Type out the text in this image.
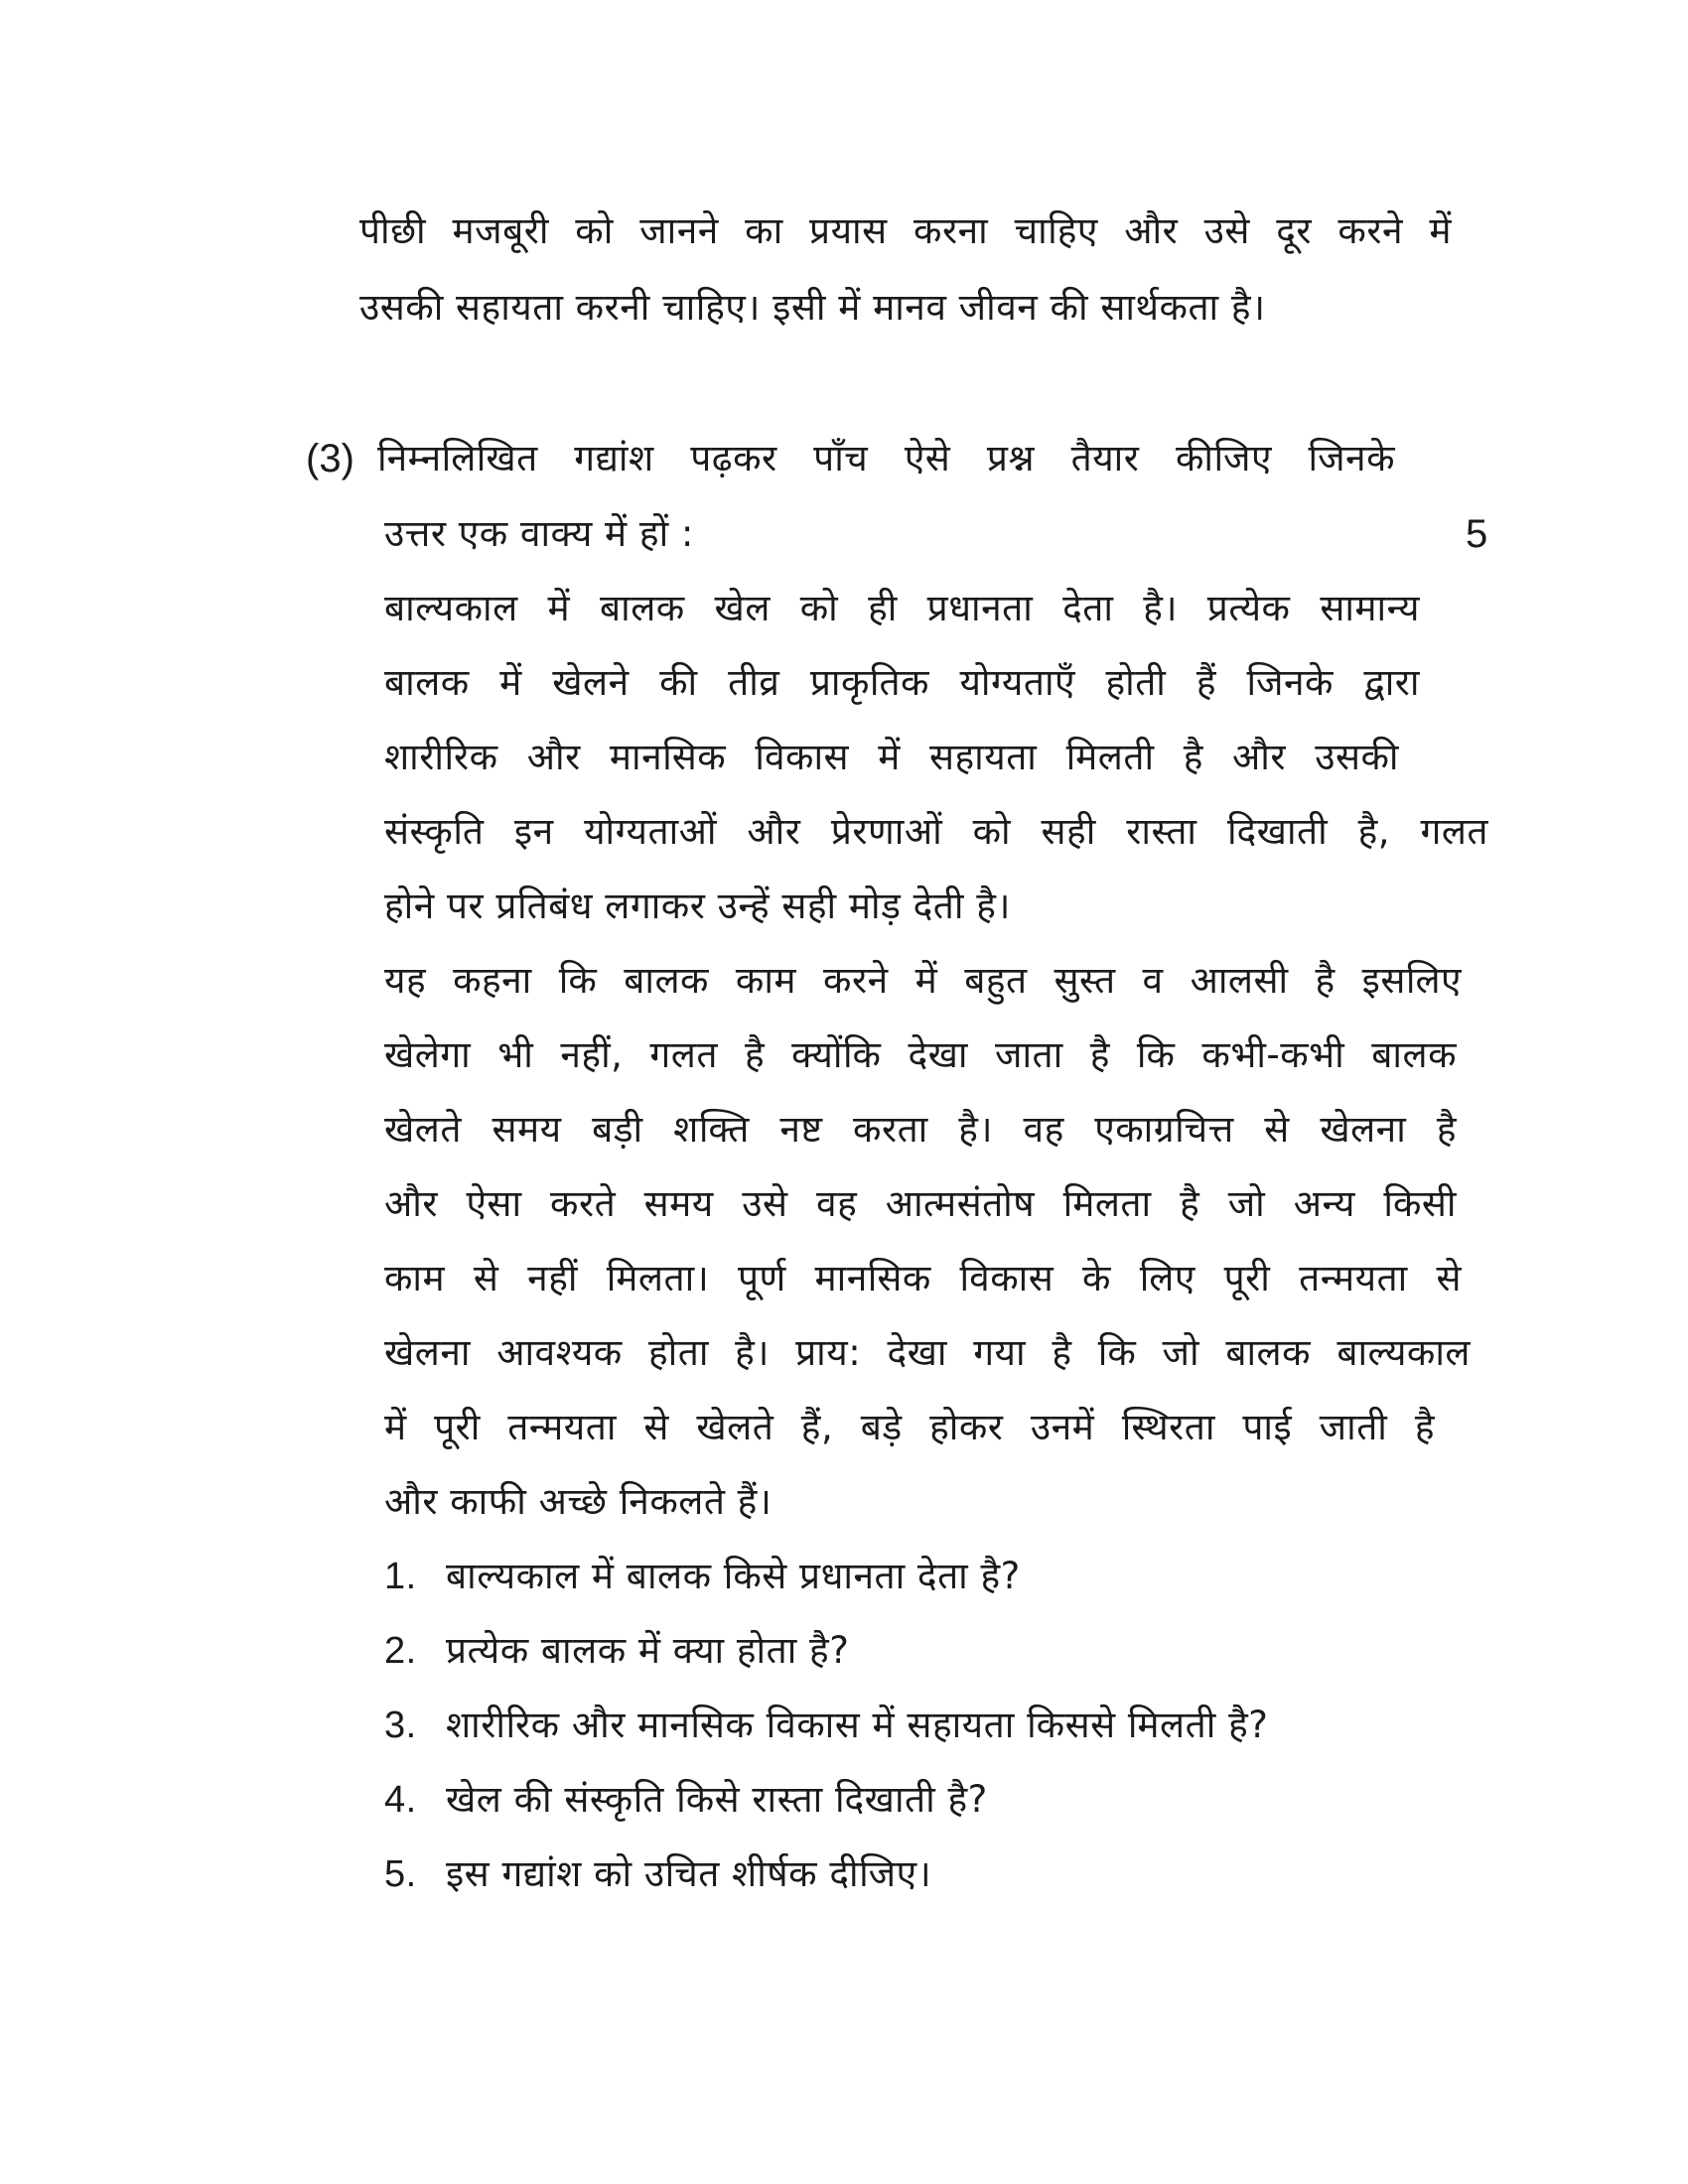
पीछी मजबूरी को जानने का प्रयास करना चाहिए और उसे दूर करने में
उसकी सहायता करनी चाहिए। इसी में मानव जीवन की सार्थकता है।
(3) निम्नलिखित गद्यांश पढ़कर पाँच ऐसे प्रश्न तैयार कीजिए जिनके
उत्तर एक वाक्य में हों :	5
बाल्यकाल में बालक खेल को ही प्रधानता देता है। प्रत्येक सामान्य
बालक में खेलने की तीव्र प्राकृतिक योग्यताएँ होती हैं जिनके द्वारा
शारीरिक और मानसिक विकास में सहायता मिलती है और उसकी
संस्कृति इन योग्यताओं और प्रेरणाओं को सही रास्ता दिखाती है, गलत
होने पर प्रतिबंध लगाकर उन्हें सही मोड़ देती है।
यह कहना कि बालक काम करने में बहुत सुस्त व आलसी है इसलिए
खेलेगा भी नहीं, गलत है क्योंकि देखा जाता है कि कभी-कभी बालक
खेलते समय बड़ी शक्ति नष्ट करता है। वह एकाग्रचित्त से खेलना है
और ऐसा करते समय उसे वह आत्मसंतोष मिलता है जो अन्य किसी
काम से नहीं मिलता। पूर्ण मानसिक विकास के लिए पूरी तन्मयता से
खेलना आवश्यक होता है। प्राय: देखा गया है कि जो बालक बाल्यकाल
में पूरी तन्मयता से खेलते हैं, बड़े होकर उनमें स्थिरता पाई जाती है
और काफी अच्छे निकलते हैं।
1. बाल्यकाल में बालक किसे प्रधानता देता है?
2. प्रत्येक बालक में क्या होता है?
3. शारीरिक और मानसिक विकास में सहायता किससे मिलती है?
4. खेल की संस्कृति किसे रास्ता दिखाती है?
5. इस गद्यांश को उचित शीर्षक दीजिए।
